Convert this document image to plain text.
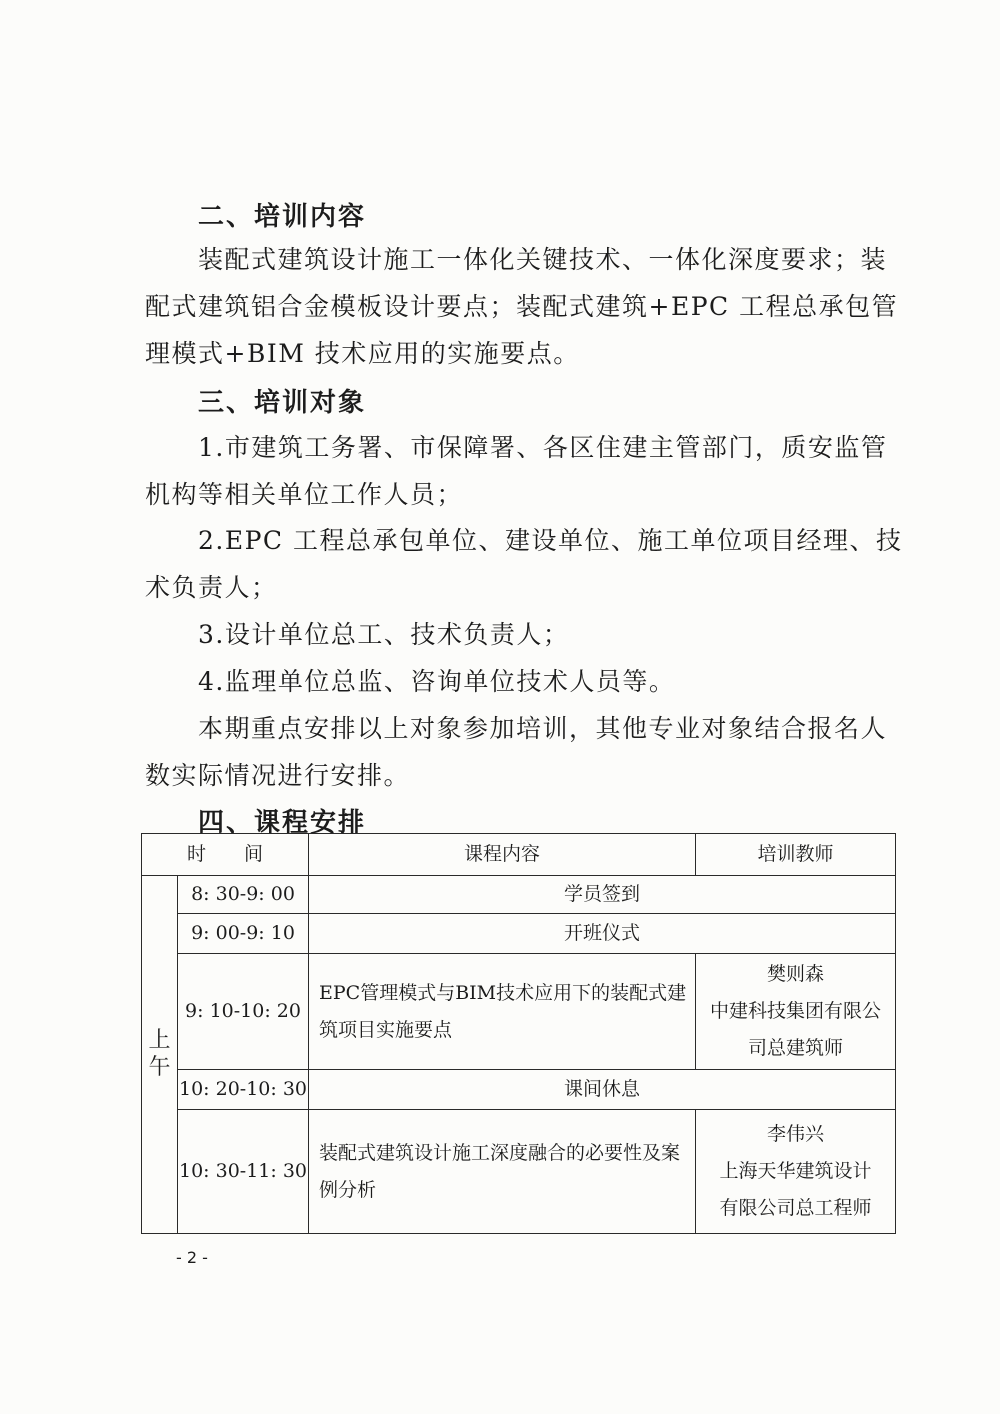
二、培训内容

装配式建筑设计施工一体化关键技术、一体化深度要求；装

配式建筑铝合金模板设计要点；装配式建筑+EPC 工程总承包管

理模式+BIM 技术应用的实施要点。

三、培训对象

1.市建筑工务署、市保障署、各区住建主管部门，质安监管

机构等相关单位工作人员；

2.EPC 工程总承包单位、建设单位、施工单位项目经理、技

术负责人；

3.设计单位总工、技术负责人；

4.监理单位总监、咨询单位技术人员等。

本期重点安排以上对象参加培训，其他专业对象结合报名人

数实际情况进行安排。

四、课程安排
时　　间		课程内容	培训教师
上
午	8: 30-9: 00	学员签到	
	9: 00-9: 10	开班仪式	
	9: 10-10: 20	EPC管理模式与BIM技术应用下的装配式建筑项目实施要点	樊则森
中建科技集团有限公
司总建筑师
	10: 20-10: 30	课间休息	
	10: 30-11: 30	装配式建筑设计施工深度融合的必要性及案例分析	李伟兴
上海天华建筑设计
有限公司总工程师
- 2 -
